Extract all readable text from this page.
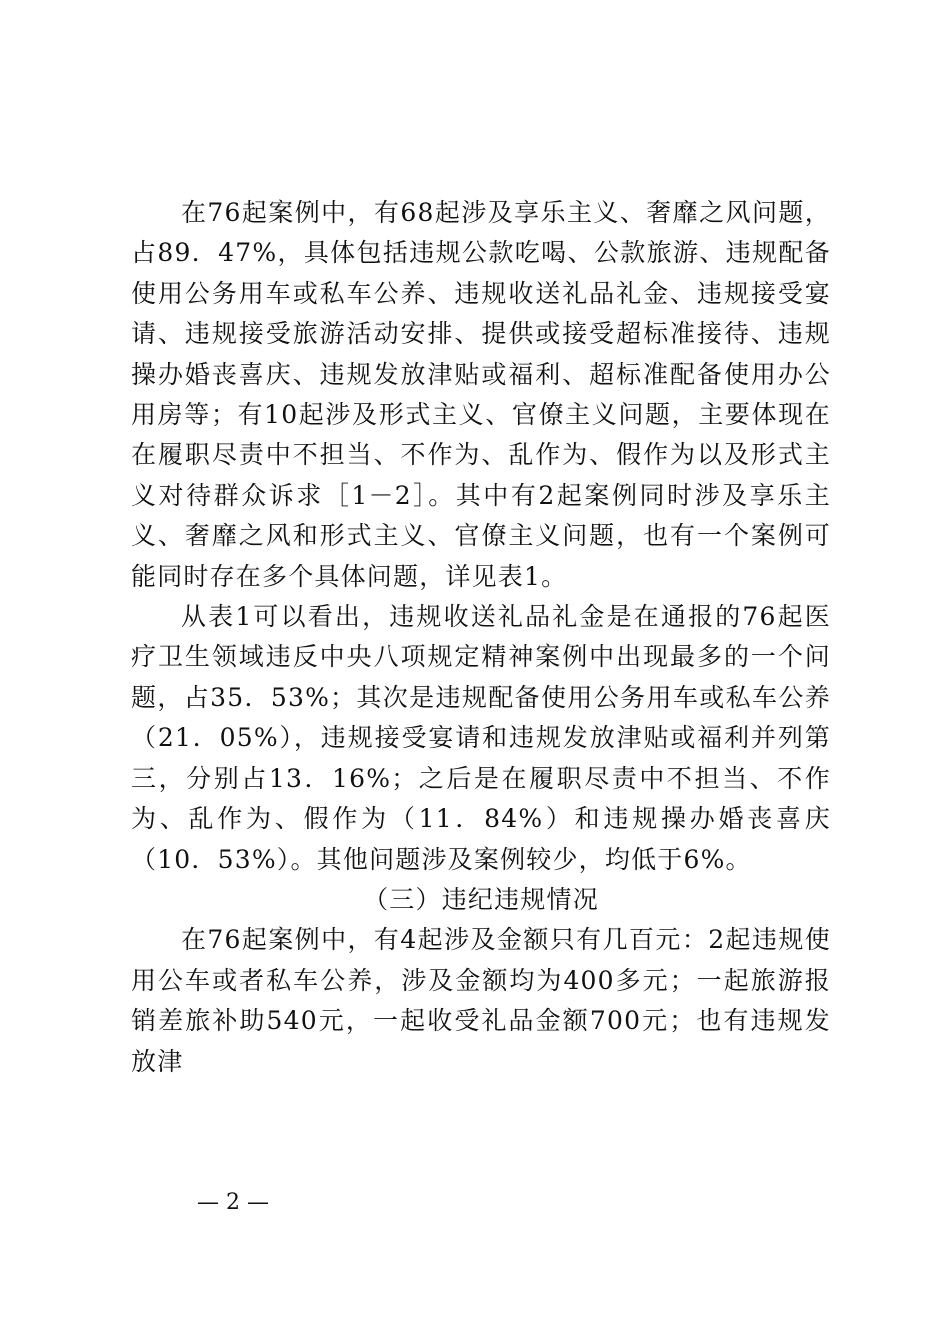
在76起案例中，有68起涉及享乐主义、奢靡之风问题，占89．47%，具体包括违规公款吃喝、公款旅游、违规配备使用公务用车或私车公养、违规收送礼品礼金、违规接受宴请、违规接受旅游活动安排、提供或接受超标准接待、违规操办婚丧喜庆、违规发放津贴或福利、超标准配备使用办公用房等；有10起涉及形式主义、官僚主义问题，主要体现在在履职尽责中不担当、不作为、乱作为、假作为以及形式主义对待群众诉求［1－2］。其中有2起案例同时涉及享乐主义、奢靡之风和形式主义、官僚主义问题，也有一个案例可能同时存在多个具体问题，详见表1。

从表1可以看出，违规收送礼品礼金是在通报的76起医疗卫生领域违反中央八项规定精神案例中出现最多的一个问题，占35．53%；其次是违规配备使用公务用车或私车公养（21．05%），违规接受宴请和违规发放津贴或福利并列第三，分别占13．16%；之后是在履职尽责中不担当、不作为、乱作为、假作为（11．84%）和违规操办婚丧喜庆（10．53%）。其他问题涉及案例较少，均低于6%。

（三）违纪违规情况

在76起案例中，有4起涉及金额只有几百元：2起违规使用公车或者私车公养，涉及金额均为400多元；一起旅游报销差旅补助540元，一起收受礼品金额700元；也有违规发放津

— 2 —
